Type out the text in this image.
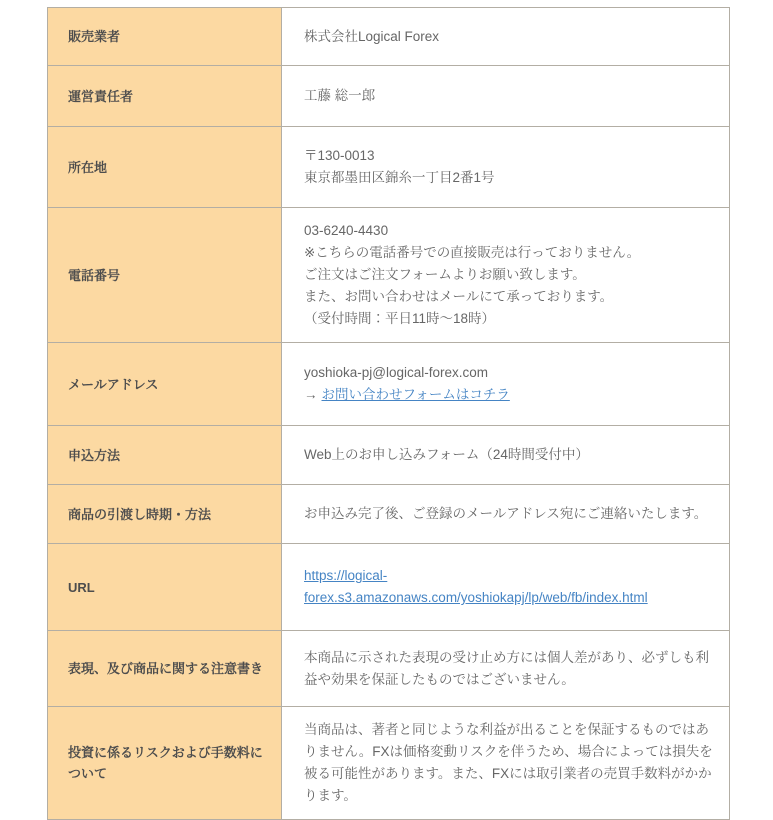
販売業者	株式会社Logical Forex
運営責任者	工藤 総一郎
所在地	〒130-0013
東京都墨田区錦糸一丁目2番1号

電話番号	03-6240-4430
※こちらの電話番号での直接販売は行っておりません。
ご注文はご注文フォームよりお願い致します。
また、お問い合わせはメールにて承っております。
（受付時間：平日11時～18時）

メールアドレス	yoshioka-pj@logical-forex.com
→ お問い合わせフォームはコチラ

申込方法	Web上のお申し込みフォーム（24時間受付中）
商品の引渡し時期・方法	お申込み完了後、ご登録のメールアドレス宛にご連絡いたします。
URL	https://logical-
forex.s3.amazonaws.com/yoshiokapj/lp/web/fb/index.html

表現、及び商品に関する注意書き	本商品に示された表現の受け止め方には個人差があり、必ずしも利益や効果を保証したものではございません。
投資に係るリスクおよび手数料について	当商品は、著者と同じような利益が出ることを保証するものではありません。FXは価格変動リスクを伴うため、場合によっては損失を被る可能性があります。また、FXには取引業者の売買手数料がかかります。
